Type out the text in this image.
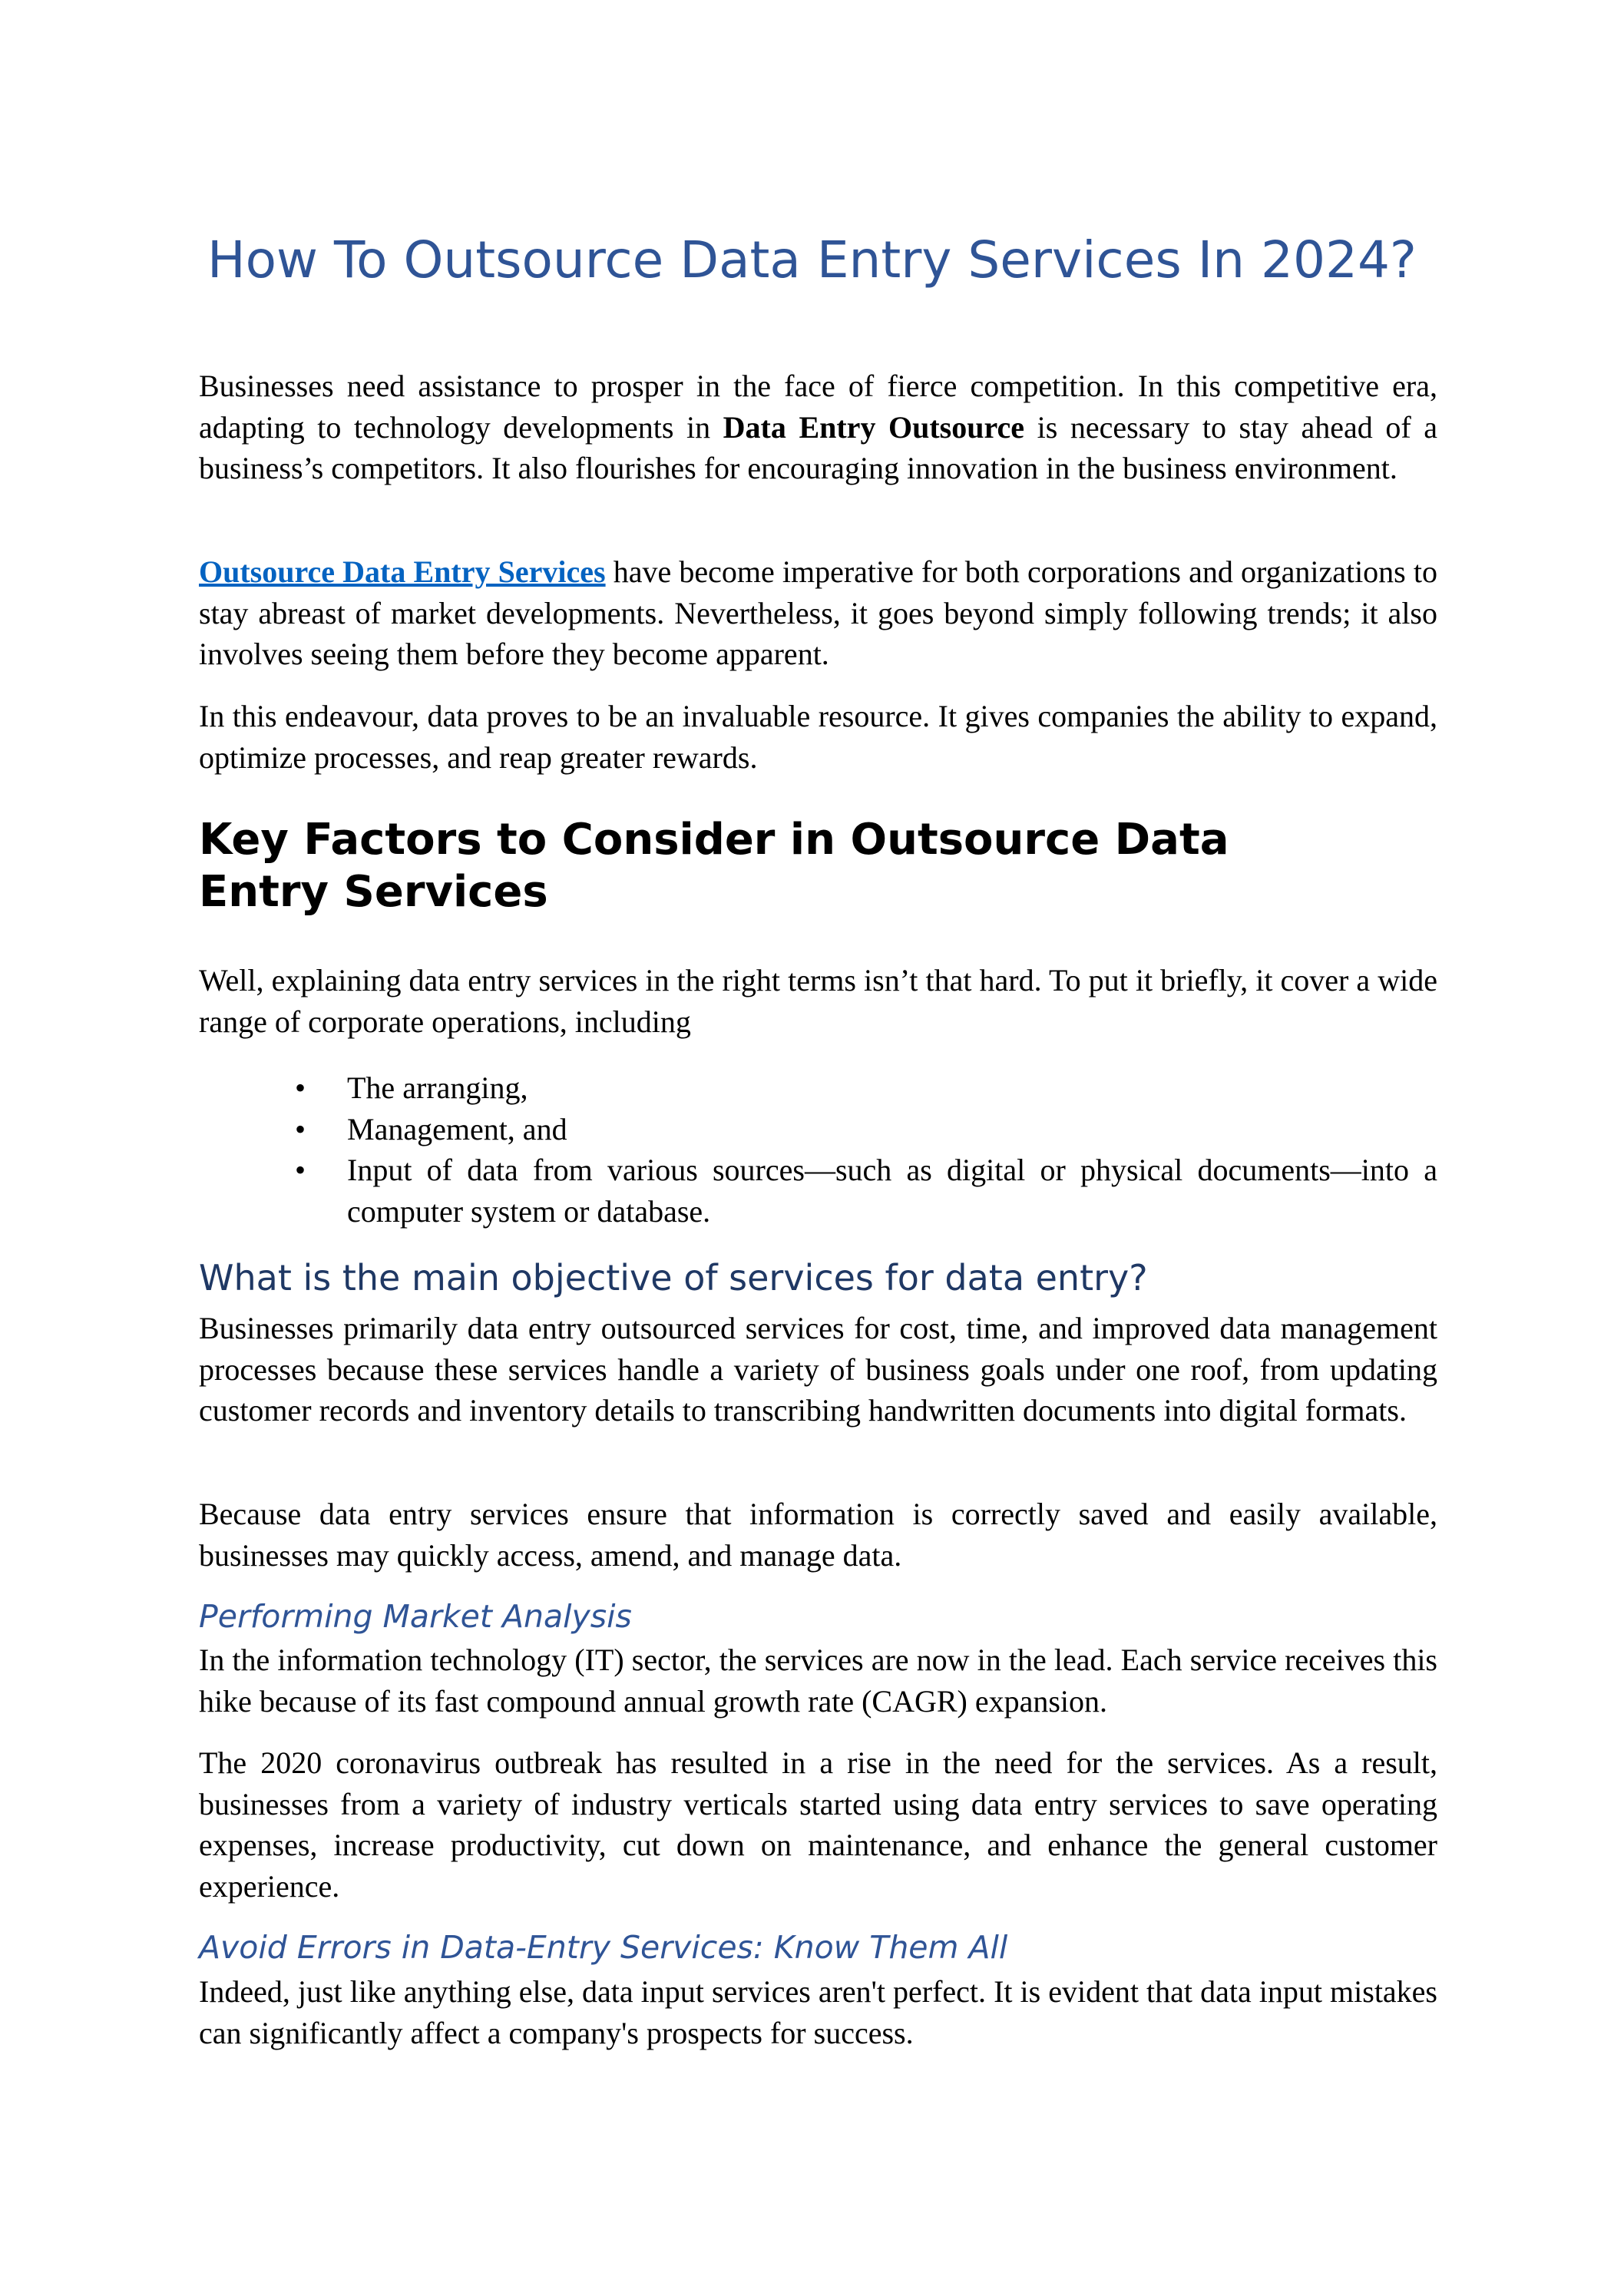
How To Outsource Data Entry Services In 2024?

Businesses need assistance to prosper in the face of fierce competition. In this competitive era, adapting to technology developments in Data Entry Outsource is necessary to stay ahead of a business’s competitors. It also flourishes for encouraging innovation in the business environment.

Outsource Data Entry Services have become imperative for both corporations and organizations to stay abreast of market developments. Nevertheless, it goes beyond simply following trends; it also involves seeing them before they become apparent.

In this endeavour, data proves to be an invaluable resource. It gives companies the ability to expand, optimize processes, and reap greater rewards.

Key Factors to Consider in Outsource Data Entry Services

Well, explaining data entry services in the right terms isn’t that hard. To put it briefly, it cover a wide range of corporate operations, including

• The arranging,
• Management, and
• Input of data from various sources—such as digital or physical documents—into a computer system or database.
What is the main objective of services for data entry?

Businesses primarily data entry outsourced services for cost, time, and improved data management processes because these services handle a variety of business goals under one roof, from updating customer records and inventory details to transcribing handwritten documents into digital formats.

Because data entry services ensure that information is correctly saved and easily available, businesses may quickly access, amend, and manage data.

Performing Market Analysis

In the information technology (IT) sector, the services are now in the lead. Each service receives this hike because of its fast compound annual growth rate (CAGR) expansion.

The 2020 coronavirus outbreak has resulted in a rise in the need for the services. As a result, businesses from a variety of industry verticals started using data entry services to save operating expenses, increase productivity, cut down on maintenance, and enhance the general customer experience.

Avoid Errors in Data-Entry Services: Know Them All

Indeed, just like anything else, data input services aren't perfect. It is evident that data input mistakes can significantly affect a company's prospects for success.
